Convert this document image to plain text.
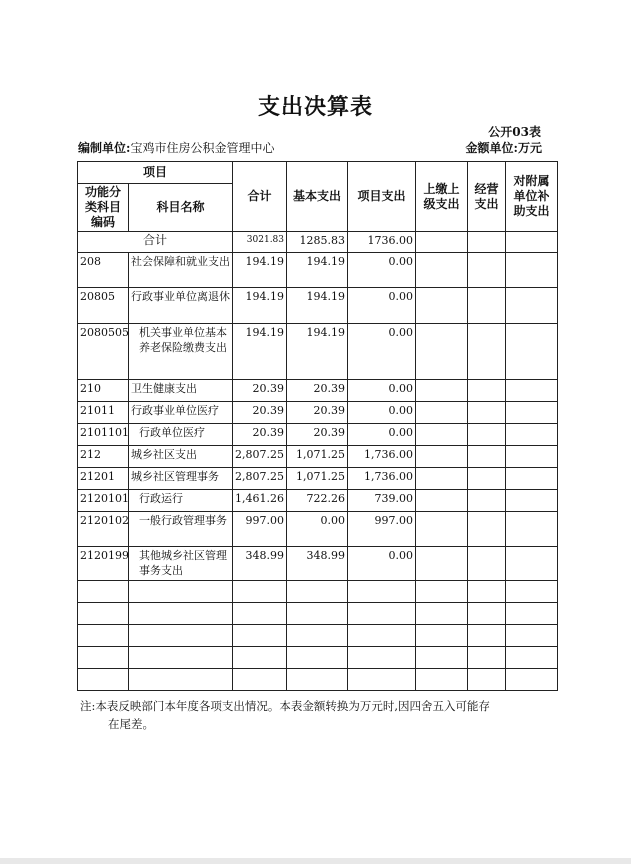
支出决算表
公开03表
编制单位:宝鸡市住房公积金管理中心	金额单位:万元
项目		合计	基本支出	项目支出	上缴上级支出	经营支出	对附属单位补助支出
功能分类科目编码	科目名称						
合计		3021.83	1285.83	1736.00			
208	社会保障和就业支出	194.19	194.19	0.00			
20805	行政事业单位离退休	194.19	194.19	0.00			
2080505	机关事业单位基本养老保险缴费支出	194.19	194.19	0.00			
210	卫生健康支出	20.39	20.39	0.00			
21011	行政事业单位医疗	20.39	20.39	0.00			
2101101	行政单位医疗	20.39	20.39	0.00			
212	城乡社区支出	2,807.25	1,071.25	1,736.00			
21201	城乡社区管理事务	2,807.25	1,071.25	1,736.00			
2120101	行政运行	1,461.26	722.26	739.00			
2120102	一般行政管理事务	997.00	0.00	997.00			
2120199	其他城乡社区管理事务支出	348.99	348.99	0.00			

注:本表反映部门本年度各项支出情况。本表金额转换为万元时,因四舍五入可能存
在尾差。
